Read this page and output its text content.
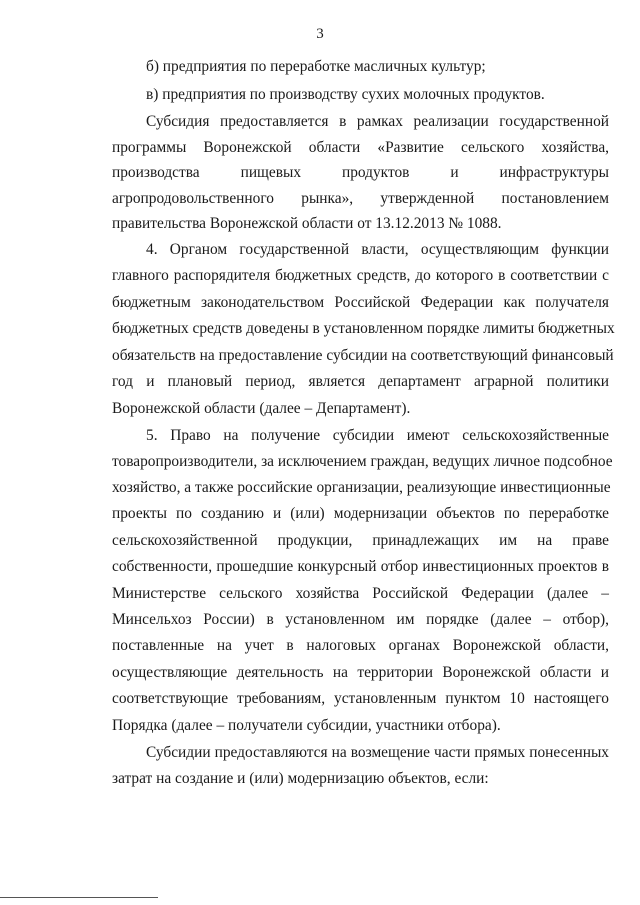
3
б) предприятия по переработке масличных культур;
в) предприятия по производству сухих молочных продуктов.
Субсидия предоставляется в рамках реализации государственной
программы Воронежской области «Развитие сельского хозяйства,
производства пищевых продуктов и инфраструктуры
агропродовольственного рынка», утвержденной постановлением
правительства Воронежской области от 13.12.2013 № 1088.
4. Органом государственной власти, осуществляющим функции
главного распорядителя бюджетных средств, до которого в соответствии с
бюджетным законодательством Российской Федерации как получателя
бюджетных средств доведены в установленном порядке лимиты бюджетных
обязательств на предоставление субсидии на соответствующий финансовый
год и плановый период, является департамент аграрной политики
Воронежской области (далее – Департамент).
5. Право на получение субсидии имеют сельскохозяйственные
товаропроизводители, за исключением граждан, ведущих личное подсобное
хозяйство, а также российские организации, реализующие инвестиционные
проекты по созданию и (или) модернизации объектов по переработке
сельскохозяйственной продукции, принадлежащих им на праве
собственности, прошедшие конкурсный отбор инвестиционных проектов в
Министерстве сельского хозяйства Российской Федерации (далее –
Минсельхоз России) в установленном им порядке (далее – отбор),
поставленные на учет в налоговых органах Воронежской области,
осуществляющие деятельность на территории Воронежской области и
соответствующие требованиям, установленным пунктом 10 настоящего
Порядка (далее – получатели субсидии, участники отбора).
Субсидии предоставляются на возмещение части прямых понесенных
затрат на создание и (или) модернизацию объектов, если:
